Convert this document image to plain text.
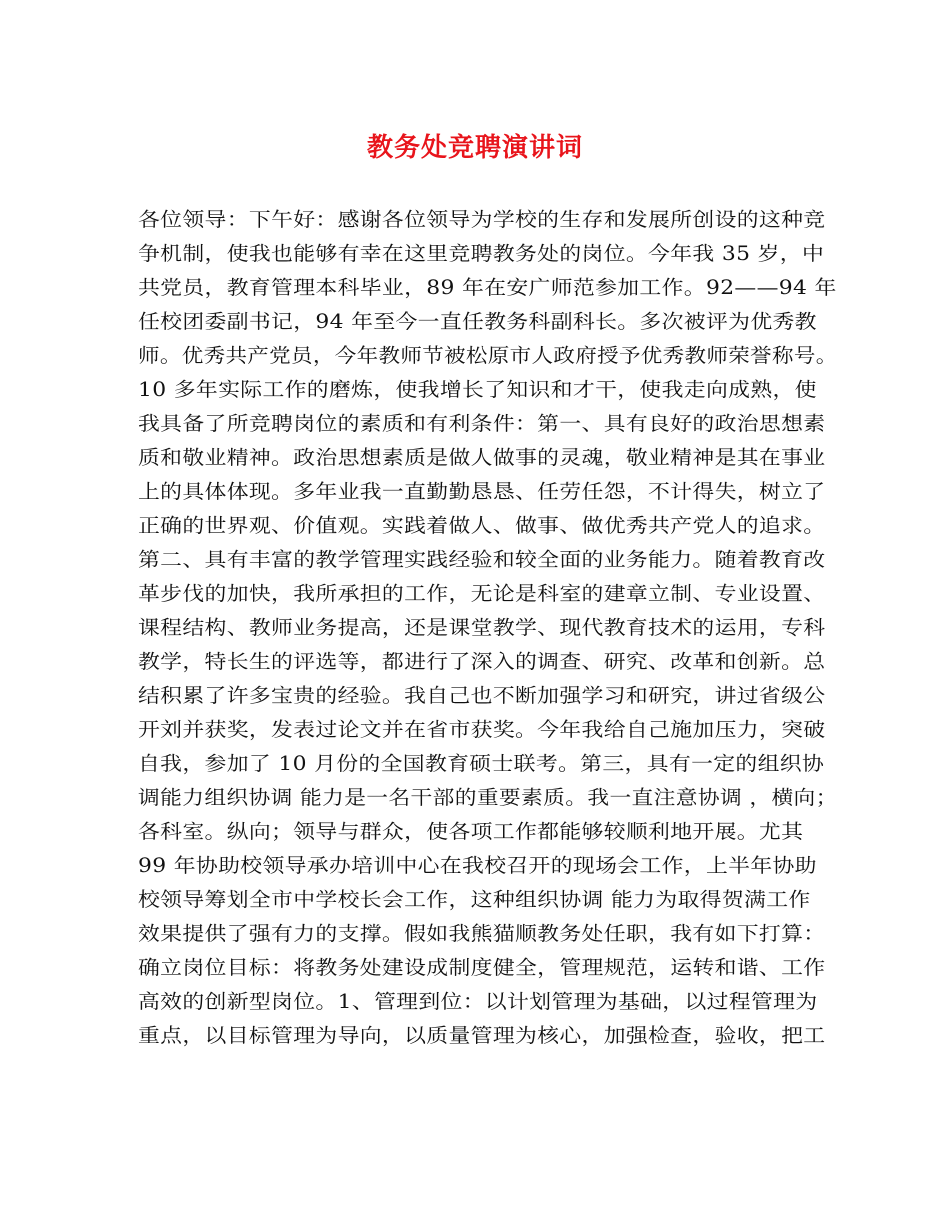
教务处竞聘演讲词
各位领导：下午好：感谢各位领导为学校的生存和发展所创设的这种竞
争机制，使我也能够有幸在这里竞聘教务处的岗位。今年我 35 岁，中
共党员，教育管理本科毕业，89 年在安广师范参加工作。92——94 年
任校团委副书记，94 年至今一直任教务科副科长。多次被评为优秀教
师。优秀共产党员，今年教师节被松原市人政府授予优秀教师荣誉称号。
10 多年实际工作的磨炼，使我增长了知识和才干，使我走向成熟，使
我具备了所竞聘岗位的素质和有利条件：第一、具有良好的政治思想素
质和敬业精神。政治思想素质是做人做事的灵魂，敬业精神是其在事业
上的具体体现。多年业我一直勤勤恳恳、任劳任怨，不计得失，树立了
正确的世界观、价值观。实践着做人、做事、做优秀共产党人的追求。
第二、具有丰富的教学管理实践经验和较全面的业务能力。随着教育改
革步伐的加快，我所承担的工作，无论是科室的建章立制、专业设置、
课程结构、教师业务提高，还是课堂教学、现代教育技术的运用，专科
教学，特长生的评选等，都进行了深入的调查、研究、改革和创新。总
结积累了许多宝贵的经验。我自己也不断加强学习和研究，讲过省级公
开刘并获奖，发表过论文并在省市获奖。今年我给自己施加压力，突破
自我，参加了 10 月份的全国教育硕士联考。第三，具有一定的组织协
调能力组织协调 能力是一名干部的重要素质。我一直注意协调 ，横向；
各科室。纵向；领导与群众，使各项工作都能够较顺利地开展。尤其
99 年协助校领导承办培训中心在我校召开的现场会工作，上半年协助
校领导筹划全市中学校长会工作，这种组织协调 能力为取得贺满工作
效果提供了强有力的支撑。假如我熊猫顺教务处任职，我有如下打算：
确立岗位目标：将教务处建设成制度健全，管理规范，运转和谐、工作
高效的创新型岗位。1、管理到位：以计划管理为基础，以过程管理为
重点，以目标管理为导向，以质量管理为核心，加强检查，验收，把工
